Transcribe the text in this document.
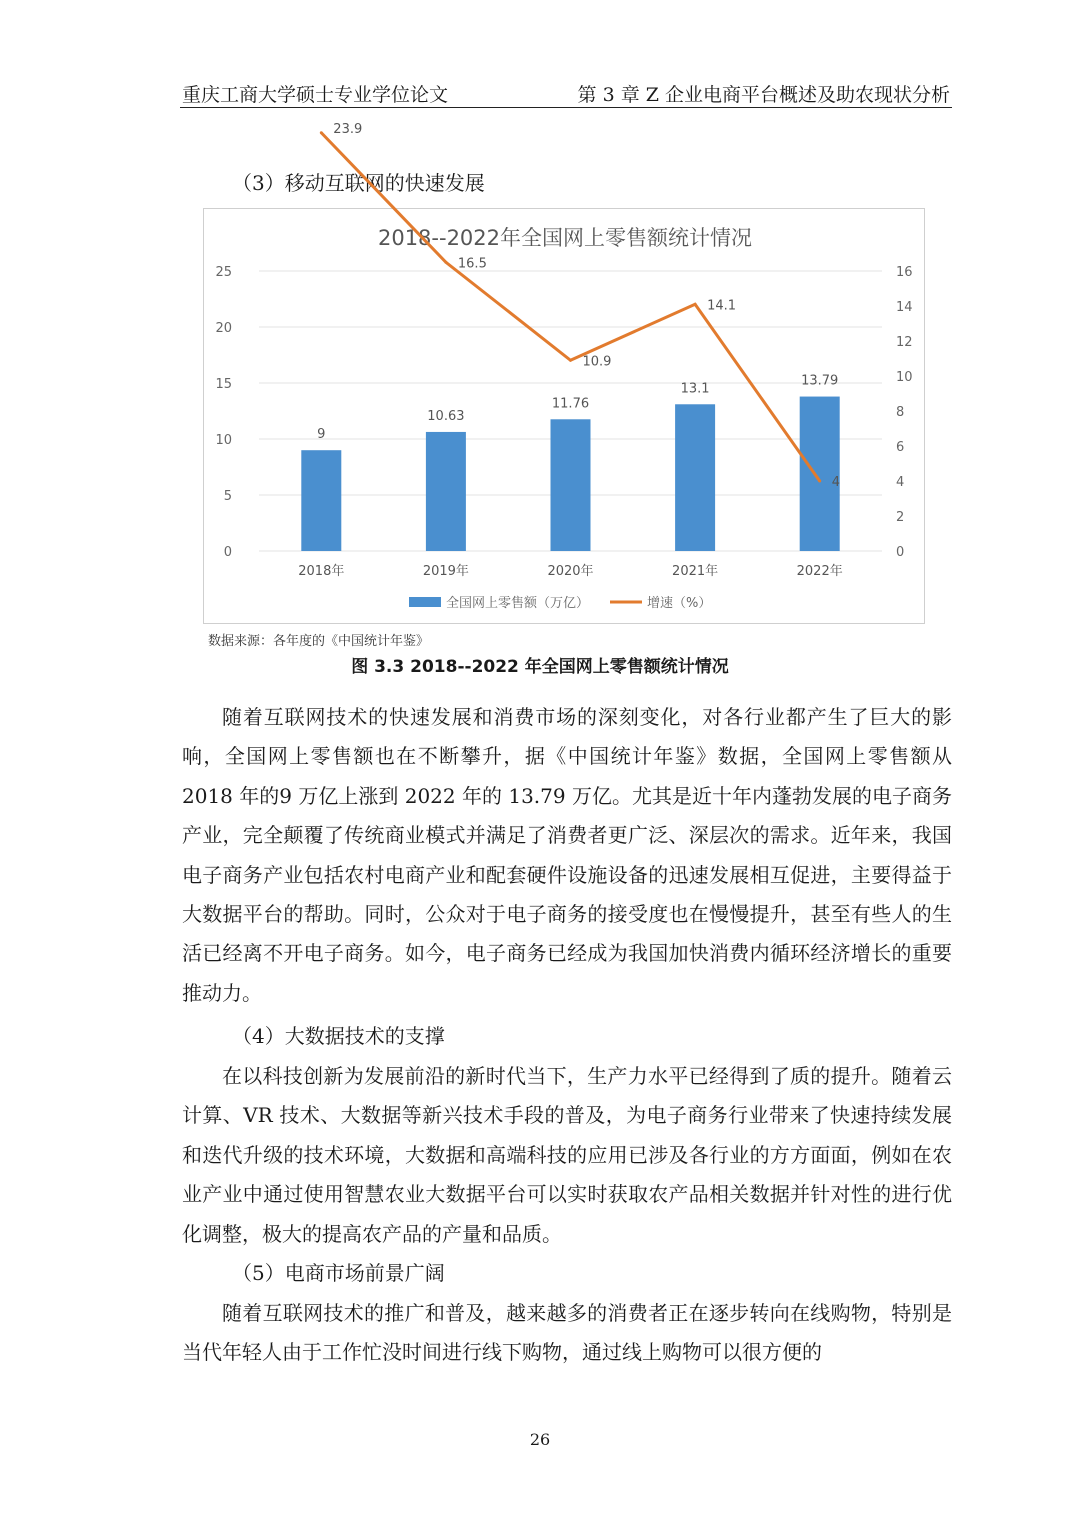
重庆工商大学硕士专业学位论文	第 3 章 Z 企业电商平台概述及助农现状分析
（3）移动互联网的快速发展
2018--2022年全国网上零售额统计情况
0
5
10
15
20
25
0
2
4
6
8
10
12
14
16
9
10.63
11.76
13.1
13.79
2018年	2019年	2020年	2021年	2022年
23.9
16.5
10.9
14.1
4
全国网上零售额（万亿）	增速（%）
数据来源：各年度的《中国统计年鉴》
图 3.3 2018--2022 年全国网上零售额统计情况
随着互联网技术的快速发展和消费市场的深刻变化，对各行业都产生了巨大的影响，全国网上零售额也在不断攀升，据《中国统计年鉴》数据，全国网上零售额从 2018 年的9 万亿上涨到 2022 年的 13.79 万亿。尤其是近十年内蓬勃发展的电子商务产业，完全颠覆了传统商业模式并满足了消费者更广泛、深层次的需求。近年来，我国电子商务产业包括农村电商产业和配套硬件设施设备的迅速发展相互促进，主要得益于大数据平台的帮助。同时，公众对于电子商务的接受度也在慢慢提升，甚至有些人的生活已经离不开电子商务。如今，电子商务已经成为我国加快消费内循环经济增长的重要推动力。
（4）大数据技术的支撑
在以科技创新为发展前沿的新时代当下，生产力水平已经得到了质的提升。随着云计算、VR 技术、大数据等新兴技术手段的普及，为电子商务行业带来了快速持续发展和迭代升级的技术环境，大数据和高端科技的应用已涉及各行业的方方面面，例如在农业产业中通过使用智慧农业大数据平台可以实时获取农产品相关数据并针对性的进行优化调整，极大的提高农产品的产量和品质。
（5）电商市场前景广阔
随着互联网技术的推广和普及，越来越多的消费者正在逐步转向在线购物，特别是当代年轻人由于工作忙没时间进行线下购物，通过线上购物可以很方便的
26
